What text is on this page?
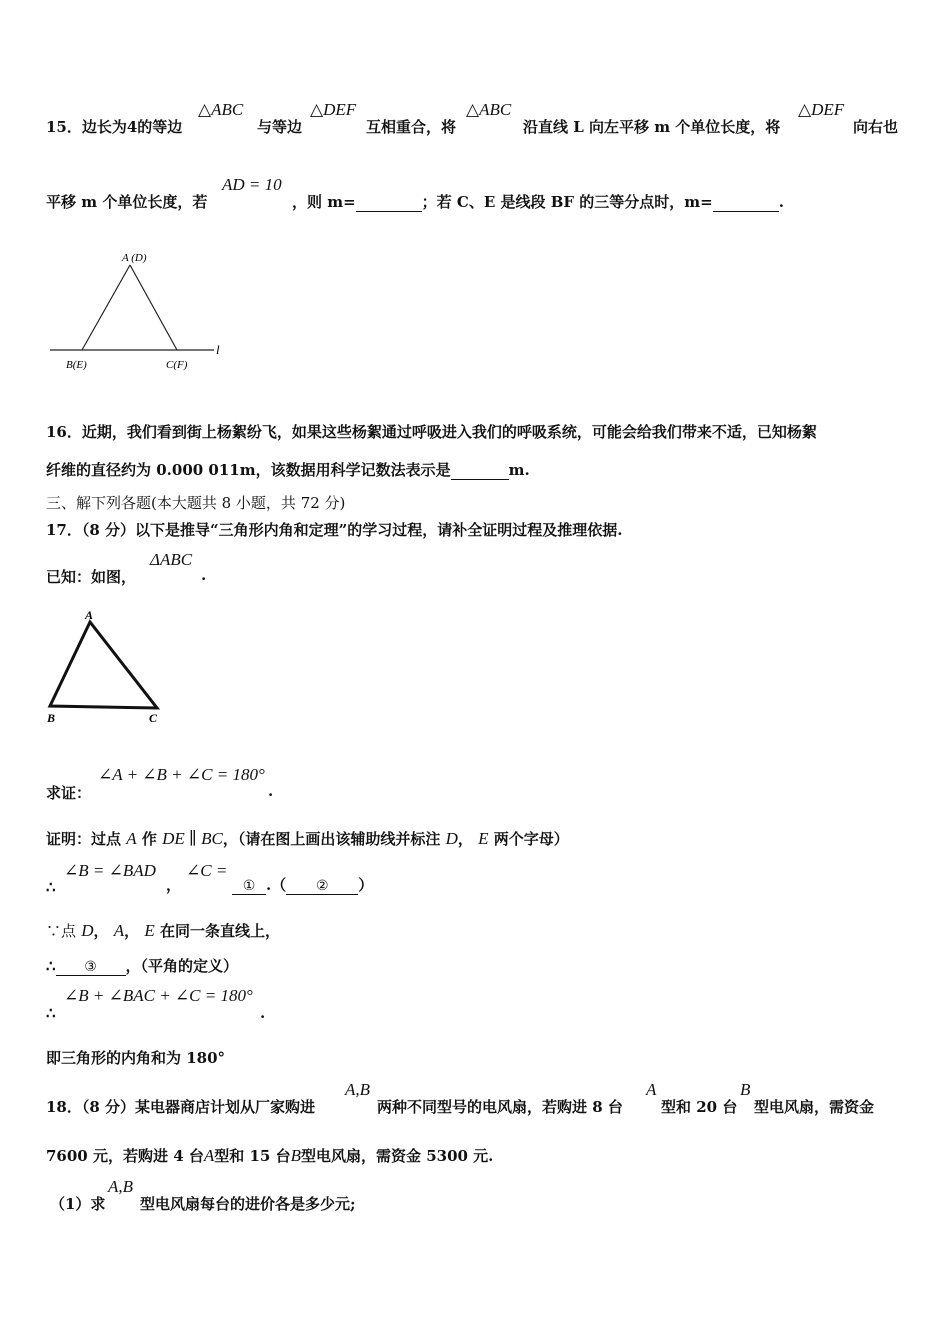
15．边长为4的等边
△ABC
与等边
△DEF
互相重合，将
△ABC
沿直线 L 向左平移 m 个单位长度，将
△DEF
向右也
平移 m 个单位长度，若
AD = 10
，则 m=	；若 C、E 是线段 BF 的三等分点时，m=	.
A (D)
B(E)	C(F)
l
16．近期，我们看到街上杨絮纷飞，如果这些杨絮通过呼吸进入我们的呼吸系统，可能会给我们带来不适，已知杨絮
纤维的直径约为 0.000 011m，该数据用科学记数法表示是	m.
三、解下列各题(本大题共 8 小题，共 72 分)
17．（8 分）以下是推导“三角形内角和定理”的学习过程，请补全证明过程及推理依据.
已知：如图，
ΔABC
.
A
B	C
求证：
∠A + ∠B + ∠C = 180°
.
证明：过点 A 作 DE ∥ BC，（请在图上画出该辅助线并标注 D， E 两个字母）
∴
∠B = ∠BAD
，
∠C =
① .（ ② ）
∵点 D， A， E 在同一条直线上，
∴ ③ ，（平角的定义）
∴
∠B + ∠BAC + ∠C = 180°
.
即三角形的内角和为 180°
18．（8 分）某电器商店计划从厂家购进
A,B
两种不同型号的电风扇，若购进 8 台
A
型和 20 台
B
型电风扇，需资金
7600 元，若购进 4 台A型和 15 台B型电风扇，需资金 5300 元.
（1）求
A,B
型电风扇每台的进价各是多少元;
